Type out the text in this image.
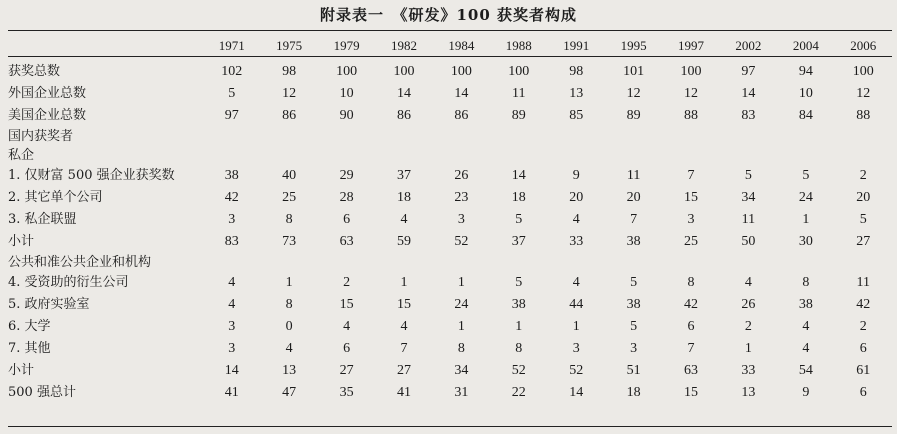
附录表一　《研发》100 获奖者构成
	1971	1975	1979	1982	1984	1988	1991	1995	1997	2002	2004	2006

获奖总数	102	98	100	100	100	100	98	101	100	97	94	100
外国企业总数	5	12	10	14	14	11	13	12	12	14	10	12
美国企业总数	97	86	90	86	86	89	85	89	88	83	84	88
国内获奖者												
私企												
1. 仅财富 500 强企业获奖数	38	40	29	37	26	14	9	11	7	5	5	2
2. 其它单个公司	42	25	28	18	23	18	20	20	15	34	24	20
3. 私企联盟	3	8	6	4	3	5	4	7	3	11	1	5
小计	83	73	63	59	52	37	33	38	25	50	30	27
公共和准公共企业和机构												
4. 受资助的衍生公司	4	1	2	1	1	5	4	5	8	4	8	11
5. 政府实验室	4	8	15	15	24	38	44	38	42	26	38	42
6. 大学	3	0	4	4	1	1	1	5	6	2	4	2
7. 其他	3	4	6	7	8	8	3	3	7	1	4	6
小计	14	13	27	27	34	52	52	51	63	33	54	61
500 强总计	41	47	35	41	31	22	14	18	15	13	9	6
